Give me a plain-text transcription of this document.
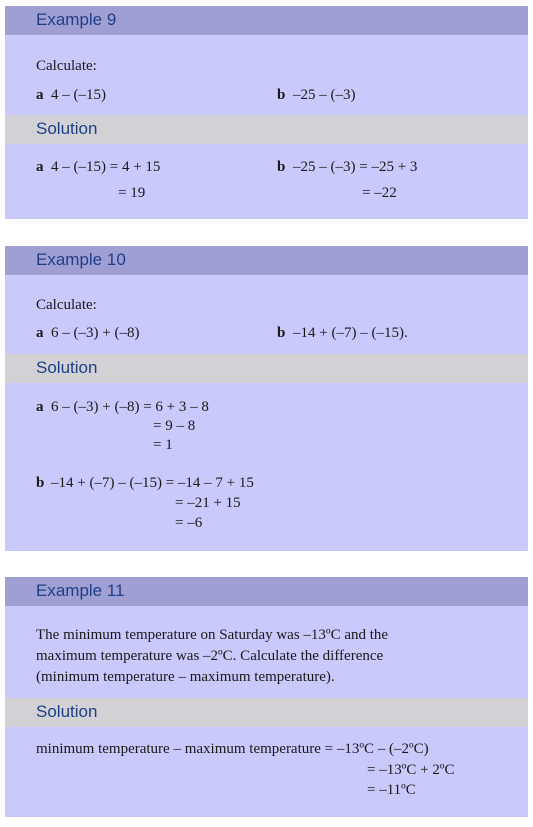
Example 9
Calculate:
a 4 – (–15)	b –25 – (–3)
Solution
a 4 – (–15) = 4 + 15
= 19
b –25 – (–3) = –25 + 3
= –22
Example 10
Calculate:
a 6 – (–3) + (–8)	b –14 + (–7) – (–15).
Solution
a 6 – (–3) + (–8) = 6 + 3 – 8
= 9 – 8
= 1
b –14 + (–7) – (–15) = –14 – 7 + 15
= –21 + 15
= –6
Example 11
The minimum temperature on Saturday was –13ºC and the
maximum temperature was –2ºC. Calculate the difference
(minimum temperature – maximum temperature).
Solution
minimum temperature – maximum temperature = –13ºC – (–2ºC)
= –13ºC + 2ºC
= –11ºC
